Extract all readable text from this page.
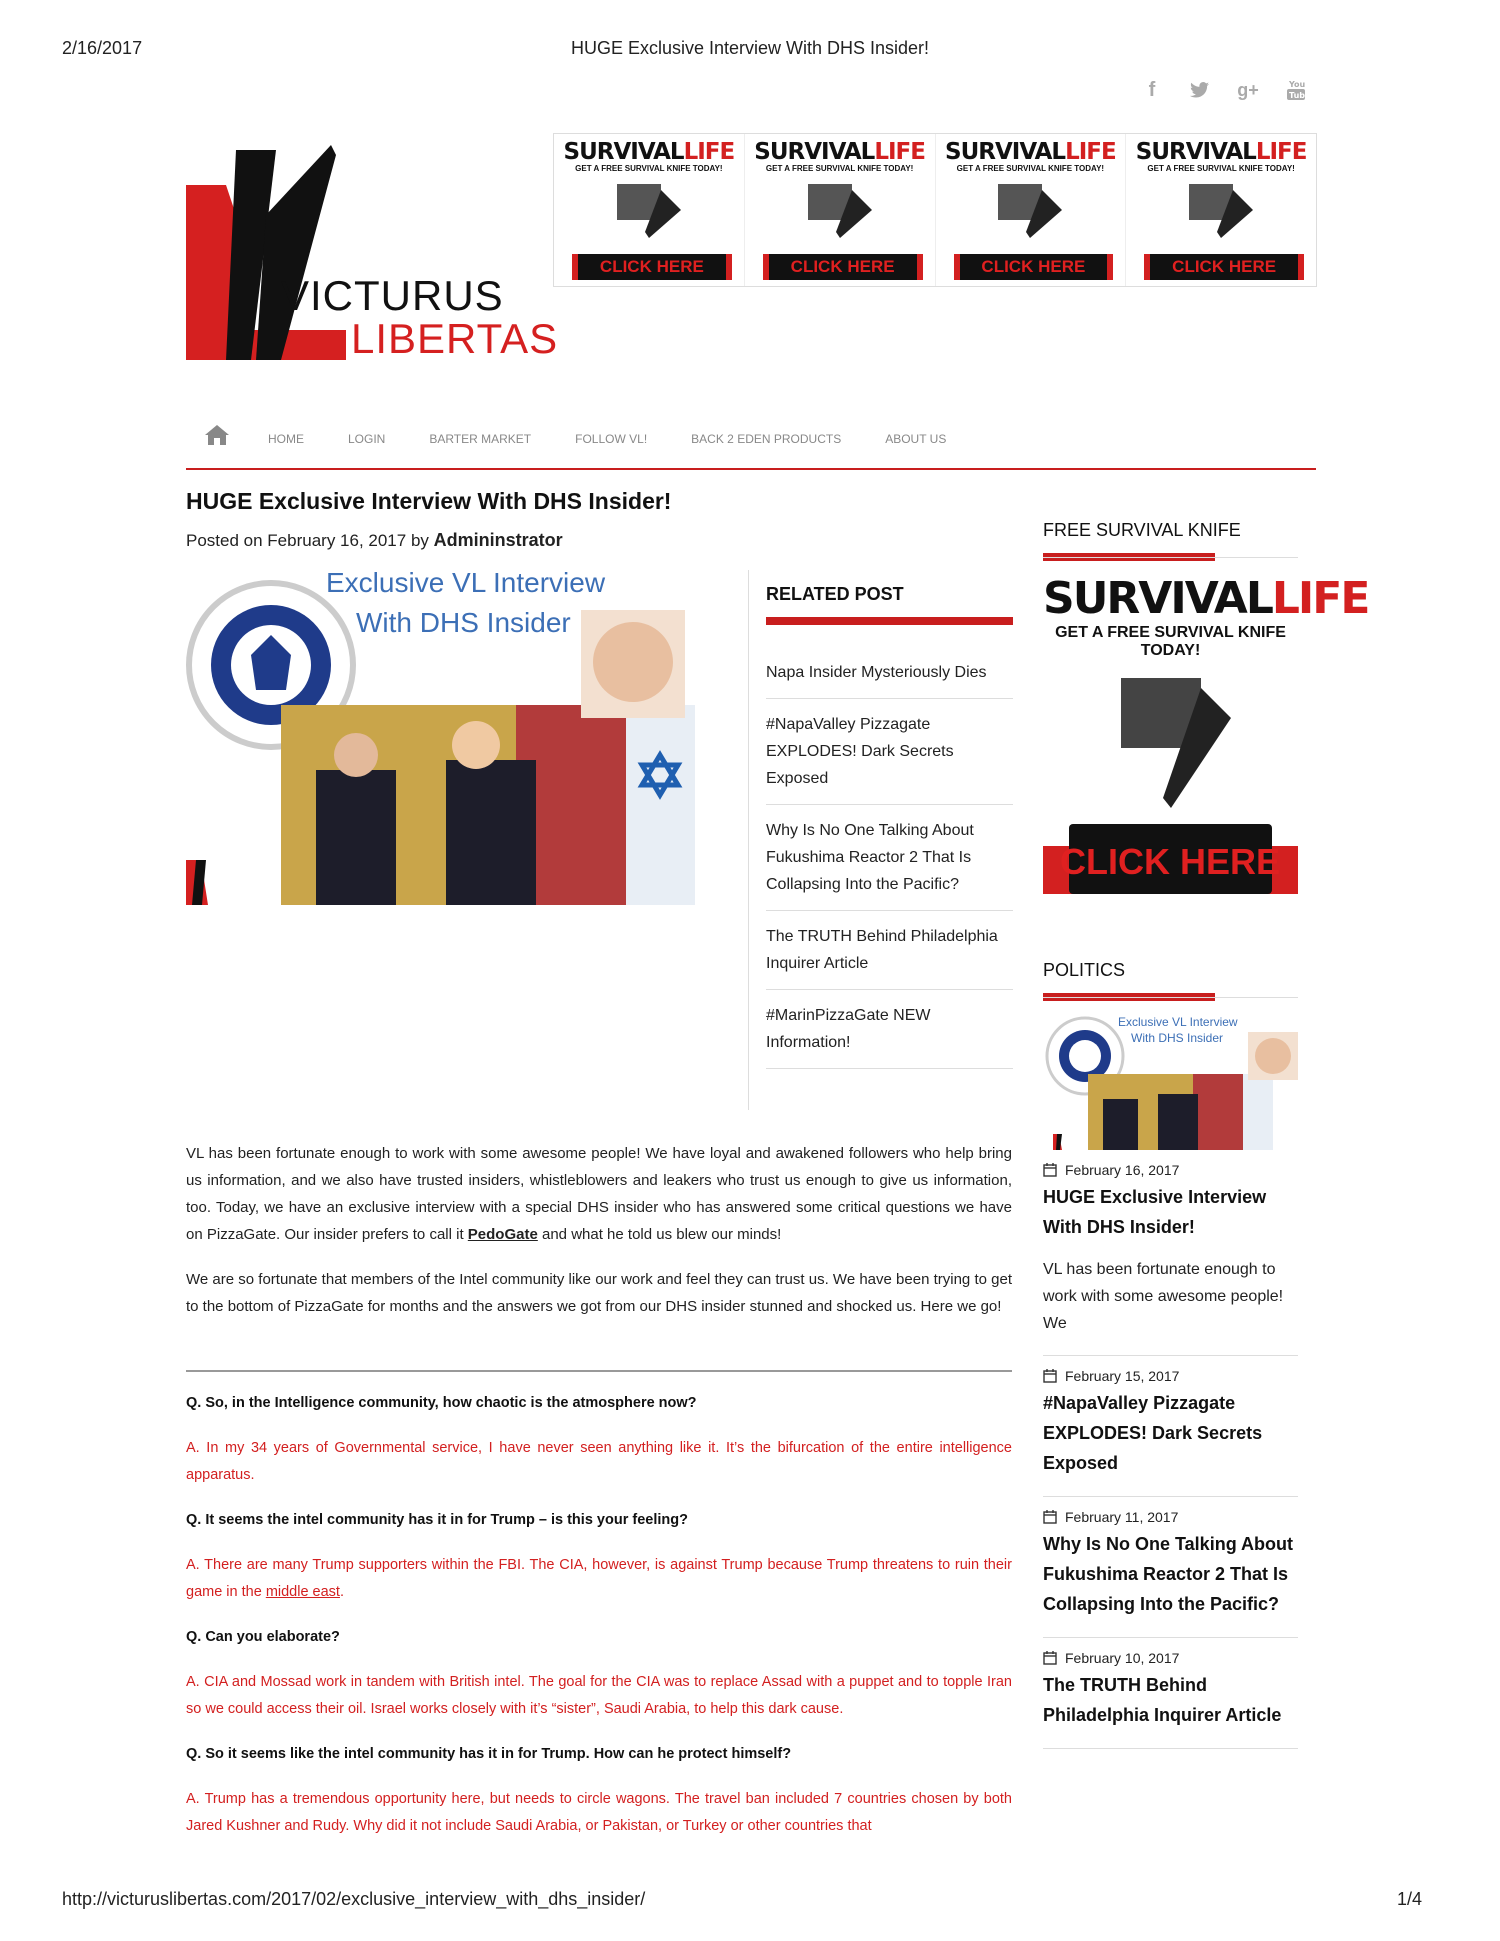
2/16/2017	HUGE Exclusive Interview With DHS Insider!
f	g+	You
Tube
VICTURUS
LIBERTAS
SURVIVALLIFE
GET A FREE SURVIVAL KNIFE TODAY!
CLICK HERE
SURVIVALLIFE
GET A FREE SURVIVAL KNIFE TODAY!
CLICK HERE
SURVIVALLIFE
GET A FREE SURVIVAL KNIFE TODAY!
CLICK HERE
SURVIVALLIFE
GET A FREE SURVIVAL KNIFE TODAY!
CLICK HERE
HOME	LOGIN	BARTER MARKET	FOLLOW VL!	BACK 2 EDEN PRODUCTS	ABOUT US
HUGE Exclusive Interview With DHS Insider!
Posted on February 16, 2017 by Admininstrator
Exclusive VL Interview
With DHS Insider
RELATED POST
Napa Insider Mysteriously Dies
#NapaValley Pizzagate EXPLODES! Dark Secrets Exposed
Why Is No One Talking About Fukushima Reactor 2 That Is Collapsing Into the Pacific?
The TRUTH Behind Philadelphia Inquirer Article
#MarinPizzaGate NEW Information!

VL has been fortunate enough to work with some awesome people! We have loyal and awakened followers who help bring us information, and we also have trusted insiders, whistleblowers and leakers who trust us enough to give us information, too. Today, we have an exclusive interview with a special DHS insider who has answered some critical questions we have on PizzaGate. Our insider prefers to call it PedoGate and what he told us blew our minds!

We are so fortunate that members of the Intel community like our work and feel they can trust us. We have been trying to get to the bottom of PizzaGate for months and the answers we got from our DHS insider stunned and shocked us. Here we go!

Q. So, in the Intelligence community, how chaotic is the atmosphere now?

A. In my 34 years of Governmental service, I have never seen anything like it. It’s the bifurcation of the entire intelligence apparatus.

Q. It seems the intel community has it in for Trump – is this your feeling?

A. There are many Trump supporters within the FBI. The CIA, however, is against Trump because Trump threatens to ruin their game in the middle east.

Q. Can you elaborate?

A. CIA and Mossad work in tandem with British intel. The goal for the CIA was to replace Assad with a puppet and to topple Iran so we could access their oil. Israel works closely with it’s “sister”, Saudi Arabia, to help this dark cause.

Q. So it seems like the intel community has it in for Trump. How can he protect himself?

A. Trump has a tremendous opportunity here, but needs to circle wagons. The travel ban included 7 countries chosen by both Jared Kushner and Rudy. Why did it not include Saudi Arabia, or Pakistan, or Turkey or other countries that

FREE SURVIVAL KNIFE
SURVIVALLIFE
GET A FREE SURVIVAL KNIFE TODAY!
CLICK HERE
POLITICS
Exclusive VL Interview
With DHS Insider
February 16, 2017
HUGE Exclusive Interview With DHS Insider!
VL has been fortunate enough to work with some awesome people! We
February 15, 2017
#NapaValley Pizzagate EXPLODES! Dark Secrets Exposed
February 11, 2017
Why Is No One Talking About Fukushima Reactor 2 That Is Collapsing Into the Pacific?
February 10, 2017
The TRUTH Behind Philadelphia Inquirer Article
http://victuruslibertas.com/2017/02/exclusive_interview_with_dhs_insider/	1/4
